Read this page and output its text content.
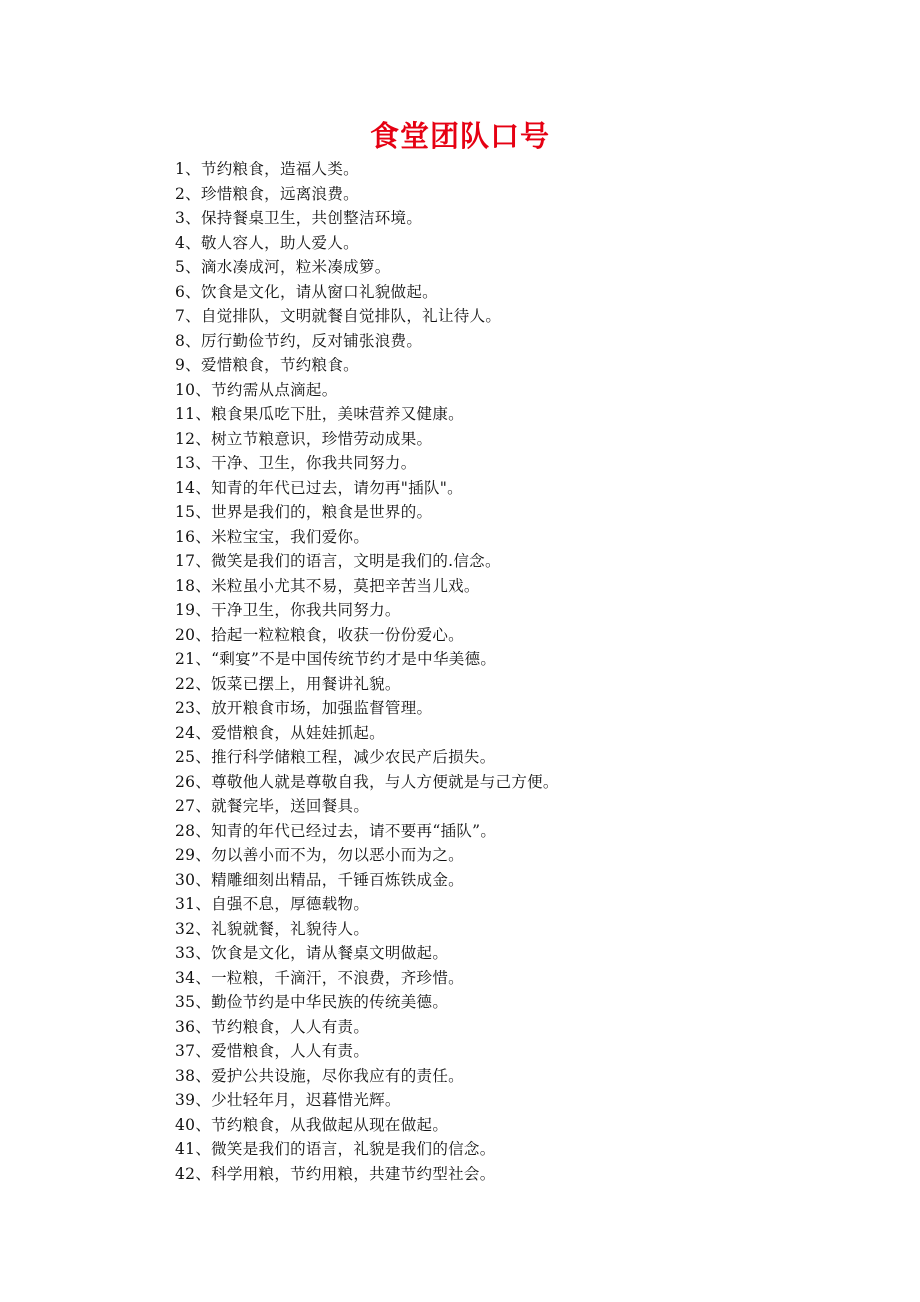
食堂团队口号
1、节约粮食，造福人类。
2、珍惜粮食，远离浪费。
3、保持餐桌卫生，共创整洁环境。
4、敬人容人，助人爱人。
5、滴水凑成河，粒米凑成箩。
6、饮食是文化，请从窗口礼貌做起。
7、自觉排队，文明就餐自觉排队，礼让待人。
8、厉行勤俭节约，反对铺张浪费。
9、爱惜粮食，节约粮食。
10、节约需从点滴起。
11、粮食果瓜吃下肚，美味营养又健康。
12、树立节粮意识，珍惜劳动成果。
13、干净、卫生，你我共同努力。
14、知青的年代已过去，请勿再"插队"。
15、世界是我们的，粮食是世界的。
16、米粒宝宝，我们爱你。
17、微笑是我们的语言，文明是我们的.信念。
18、米粒虽小尤其不易，莫把辛苦当儿戏。
19、干净卫生，你我共同努力。
20、拾起一粒粒粮食，收获一份份爱心。
21、“剩宴”不是中国传统节约才是中华美德。
22、饭菜已摆上，用餐讲礼貌。
23、放开粮食市场，加强监督管理。
24、爱惜粮食，从娃娃抓起。
25、推行科学储粮工程，减少农民产后损失。
26、尊敬他人就是尊敬自我，与人方便就是与己方便。
27、就餐完毕，送回餐具。
28、知青的年代已经过去，请不要再“插队”。
29、勿以善小而不为，勿以恶小而为之。
30、精雕细刻出精品，千锤百炼铁成金。
31、自强不息，厚德载物。
32、礼貌就餐，礼貌待人。
33、饮食是文化，请从餐桌文明做起。
34、一粒粮，千滴汗，不浪费，齐珍惜。
35、勤俭节约是中华民族的传统美德。
36、节约粮食，人人有责。
37、爱惜粮食，人人有责。
38、爱护公共设施，尽你我应有的责任。
39、少壮轻年月，迟暮惜光辉。
40、节约粮食，从我做起从现在做起。
41、微笑是我们的语言，礼貌是我们的信念。
42、科学用粮，节约用粮，共建节约型社会。
